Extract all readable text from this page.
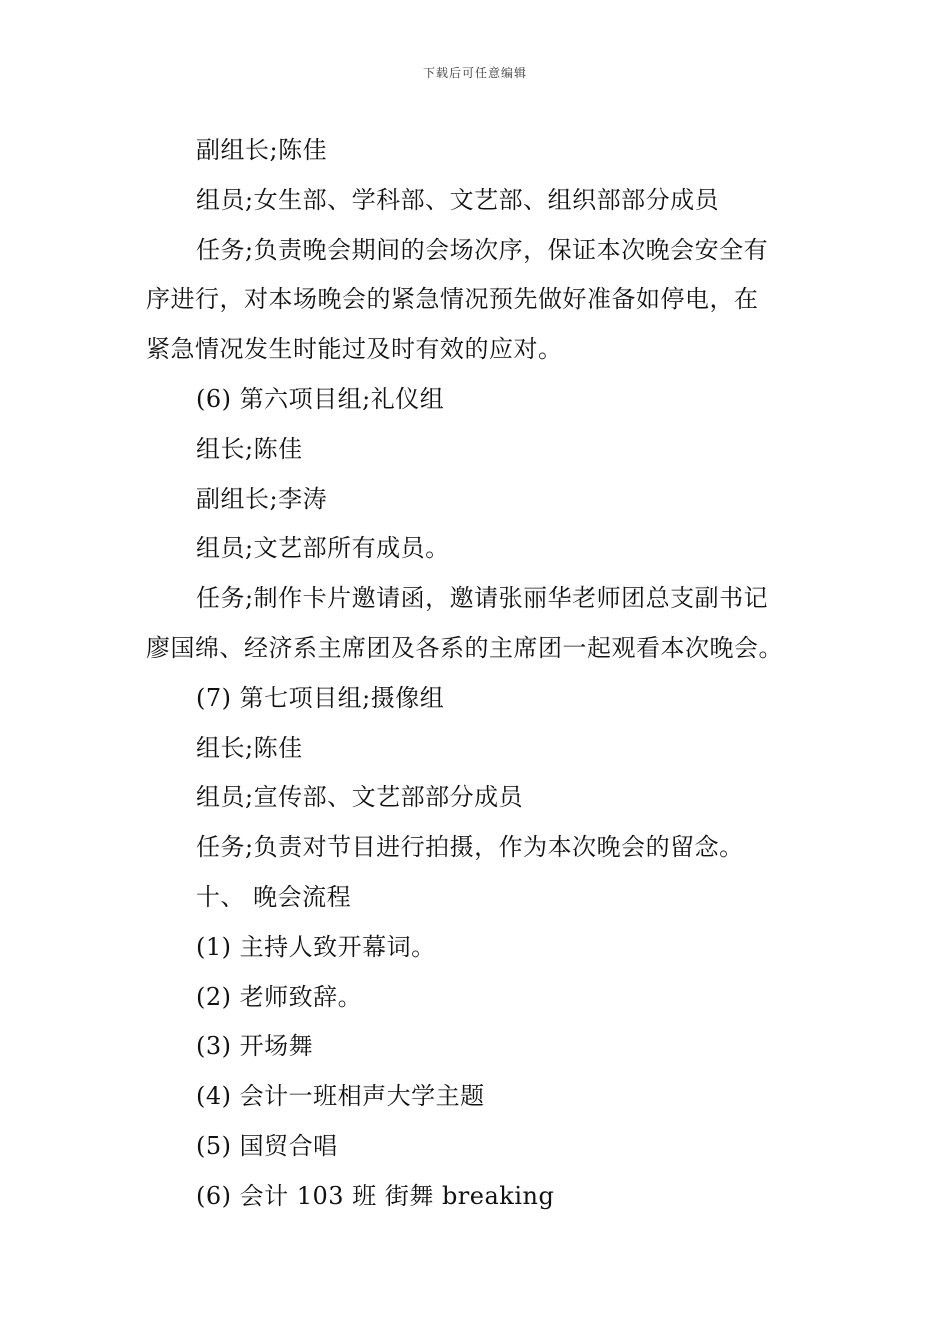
下载后可任意编辑
副组长;陈佳
组员;女生部、学科部、文艺部、组织部部分成员
任务;负责晚会期间的会场次序，保证本次晚会安全有
序进行，对本场晚会的紧急情况预先做好准备如停电，在
紧急情况发生时能过及时有效的应对。
(6) 第六项目组;礼仪组
组长;陈佳
副组长;李涛
组员;文艺部所有成员。
任务;制作卡片邀请函，邀请张丽华老师团总支副书记
廖国绵、经济系主席团及各系的主席团一起观看本次晚会。
(7) 第七项目组;摄像组
组长;陈佳
组员;宣传部、文艺部部分成员
任务;负责对节目进行拍摄，作为本次晚会的留念。
十、 晚会流程
(1) 主持人致开幕词。
(2) 老师致辞。
(3) 开场舞
(4) 会计一班相声大学主题
(5) 国贸合唱
(6) 会计 103 班 街舞 breaking
